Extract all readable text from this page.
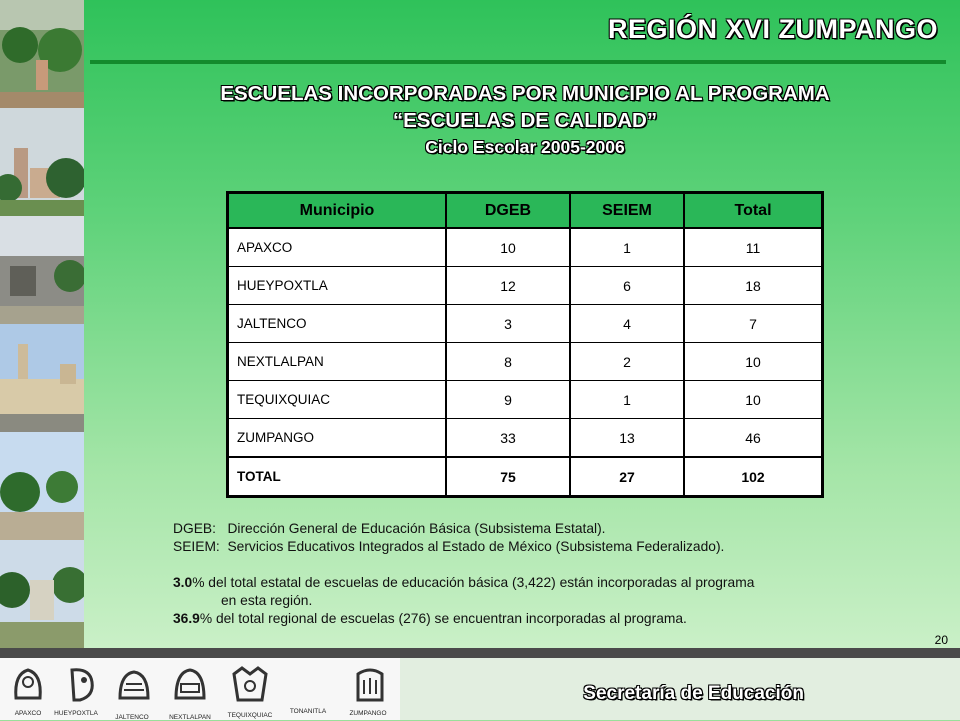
REGIÓN XVI ZUMPANGO
ESCUELAS INCORPORADAS POR MUNICIPIO AL PROGRAMA
“ESCUELAS DE CALIDAD”
Ciclo Escolar 2005-2006
Municipio	DGEB	SEIEM	Total
APAXCO	10	1	11
HUEYPOXTLA	12	6	18
JALTENCO	3	4	7
NEXTLALPAN	8	2	10
TEQUIXQUIAC	9	1	10
ZUMPANGO	33	13	46
TOTAL	75	27	102
DGEB: Dirección General de Educación Básica (Subsistema Estatal).
SEIEM: Servicios Educativos Integrados al Estado de México (Subsistema Federalizado).
3.0% del total estatal de escuelas de educación básica (3,422) están incorporadas al programa
en esta región.
36.9% del total regional de escuelas (276) se encuentran incorporadas al programa.
20
APAXCO	HUEYPOXTLA
JALTENCO	NEXTLALPAN	TEQUIXQUIAC
TONANITLA	ZUMPANGO
Secretaría de Educación
